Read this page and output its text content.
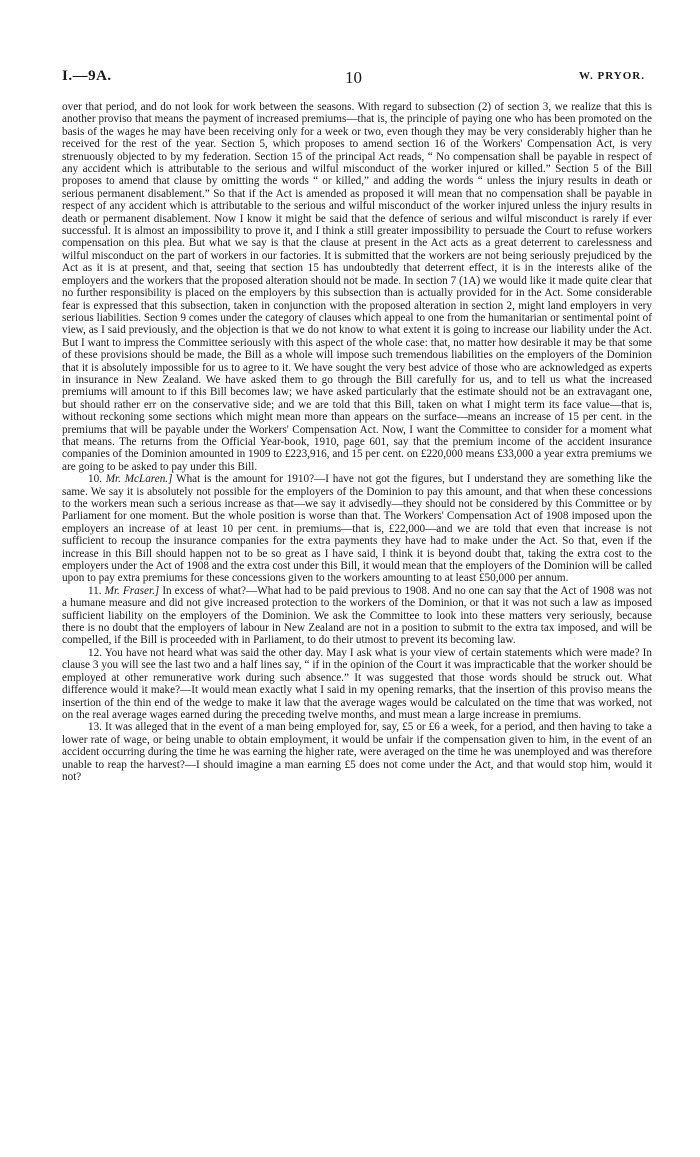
I.—9A.	10	W. PRYOR.

over that period, and do not look for work between the seasons. With regard to subsection (2) of section 3, we realize that this is another proviso that means the payment of increased premiums—that is, the principle of paying one who has been promoted on the basis of the wages he may have been receiving only for a week or two, even though they may be very considerably higher than he received for the rest of the year. Section 5, which proposes to amend section 16 of the Workers' Compensation Act, is very strenuously objected to by my federation. Section 15 of the principal Act reads, “ No compensation shall be payable in respect of any accident which is attributable to the serious and wilful misconduct of the worker injured or killed.” Section 5 of the Bill proposes to amend that clause by omitting the words “ or killed,” and adding the words “ unless the injury results in death or serious permanent disablement.” So that if the Act is amended as proposed it will mean that no compensation shall be payable in respect of any accident which is attributable to the serious and wilful misconduct of the worker injured unless the injury results in death or permanent disablement. Now I know it might be said that the defence of serious and wilful misconduct is rarely if ever successful. It is almost an impossibility to prove it, and I think a still greater impossibility to persuade the Court to refuse workers compensation on this plea. But what we say is that the clause at present in the Act acts as a great deterrent to carelessness and wilful misconduct on the part of workers in our factories. It is submitted that the workers are not being seriously prejudiced by the Act as it is at present, and that, seeing that section 15 has undoubtedly that deterrent effect, it is in the interests alike of the employers and the workers that the proposed alteration should not be made. In section 7 (1A) we would like it made quite clear that no further responsibility is placed on the employers by this subsection than is actually provided for in the Act. Some considerable fear is expressed that this subsection, taken in conjunction with the proposed alteration in section 2, might land employers in very serious liabilities. Section 9 comes under the category of clauses which appeal to one from the humanitarian or sentimental point of view, as I said previously, and the objection is that we do not know to what extent it is going to increase our liability under the Act. But I want to impress the Committee seriously with this aspect of the whole case: that, no matter how desirable it may be that some of these provisions should be made, the Bill as a whole will impose such tremendous liabilities on the employers of the Dominion that it is absolutely impossible for us to agree to it. We have sought the very best advice of those who are acknowledged as experts in insurance in New Zealand. We have asked them to go through the Bill carefully for us, and to tell us what the increased premiums will amount to if this Bill becomes law; we have asked particularly that the estimate should not be an extravagant one, but should rather err on the conservative side; and we are told that this Bill, taken on what I might term its face value—that is, without reckoning some sections which might mean more than appears on the surface—means an increase of 15 per cent. in the premiums that will be payable under the Workers' Compensation Act. Now, I want the Committee to consider for a moment what that means. The returns from the Official Year-book, 1910, page 601, say that the premium income of the accident insurance companies of the Dominion amounted in 1909 to £223,916, and 15 per cent. on £220,000 means £33,000 a year extra premiums we are going to be asked to pay under this Bill.

10. Mr. McLaren.] What is the amount for 1910?—I have not got the figures, but I understand they are something like the same. We say it is absolutely not possible for the employers of the Dominion to pay this amount, and that when these concessions to the workers mean such a serious increase as that—we say it advisedly—they should not be considered by this Committee or by Parliament for one moment. But the whole position is worse than that. The Workers' Compensation Act of 1908 imposed upon the employers an increase of at least 10 per cent. in premiums—that is, £22,000—and we are told that even that increase is not sufficient to recoup the insurance companies for the extra payments they have had to make under the Act. So that, even if the increase in this Bill should happen not to be so great as I have said, I think it is beyond doubt that, taking the extra cost to the employers under the Act of 1908 and the extra cost under this Bill, it would mean that the employers of the Dominion will be called upon to pay extra premiums for these concessions given to the workers amounting to at least £50,000 per annum.

11. Mr. Fraser.] In excess of what?—What had to be paid previous to 1908. And no one can say that the Act of 1908 was not a humane measure and did not give increased protection to the workers of the Dominion, or that it was not such a law as imposed sufficient liability on the employers of the Dominion. We ask the Committee to look into these matters very seriously, because there is no doubt that the employers of labour in New Zealand are not in a position to submit to the extra tax imposed, and will be compelled, if the Bill is proceeded with in Parliament, to do their utmost to prevent its becoming law.

12. You have not heard what was said the other day. May I ask what is your view of certain statements which were made? In clause 3 you will see the last two and a half lines say, “ if in the opinion of the Court it was impracticable that the worker should be employed at other remunerative work during such absence.” It was suggested that those words should be struck out. What difference would it make?—It would mean exactly what I said in my opening remarks, that the insertion of this proviso means the insertion of the thin end of the wedge to make it law that the average wages would be calculated on the time that was worked, not on the real average wages earned during the preceding twelve months, and must mean a large increase in premiums.

13. It was alleged that in the event of a man being employed for, say, £5 or £6 a week, for a period, and then having to take a lower rate of wage, or being unable to obtain employment, it would be unfair if the compensation given to him, in the event of an accident occurring during the time he was earning the higher rate, were averaged on the time he was unemployed and was therefore unable to reap the harvest?—I should imagine a man earning £5 does not come under the Act, and that would stop him, would it not?
